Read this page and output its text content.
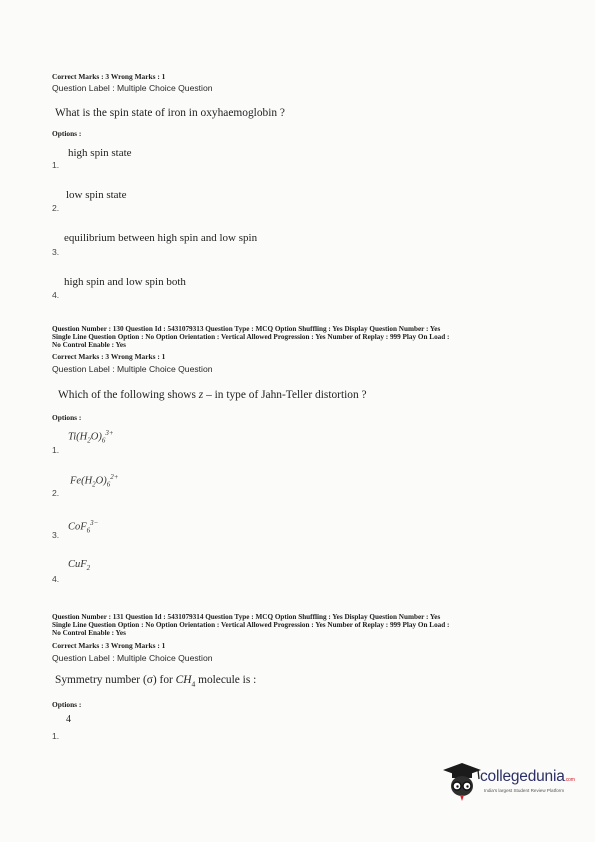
Correct Marks : 3 Wrong Marks : 1
Question Label : Multiple Choice Question
What is the spin state of iron in oxyhaemoglobin ?
Options :
high spin state
1.
low spin state
2.
equilibrium between high spin and low spin
3.
high spin and low spin both
4.
Question Number : 130 Question Id : 5431079313 Question Type : MCQ Option Shuffling : Yes Display Question Number : Yes
Single Line Question Option : No Option Orientation : Vertical Allowed Progression : Yes Number of Replay : 999 Play On Load :
No Control Enable : Yes
Correct Marks : 3 Wrong Marks : 1
Question Label : Multiple Choice Question
Which of the following shows z – in type of Jahn-Teller distortion ?
Options :
$Ti(H_2O)_6^{3+}$
1.
$Fe(H_2O)_6^{2+}$
2.
CoF$_6^{3-}$
3.
CuF$_2$
4.
Question Number : 131 Question Id : 5431079314 Question Type : MCQ Option Shuffling : Yes Display Question Number : Yes
Single Line Question Option : No Option Orientation : Vertical Allowed Progression : Yes Number of Replay : 999 Play On Load :
No Control Enable : Yes
Correct Marks : 3 Wrong Marks : 1
Question Label : Multiple Choice Question
Symmetry number (σ) for $CH_4$ molecule is :
Options :
4
1.
collegedunia.com
India's largest Student Review Platform
